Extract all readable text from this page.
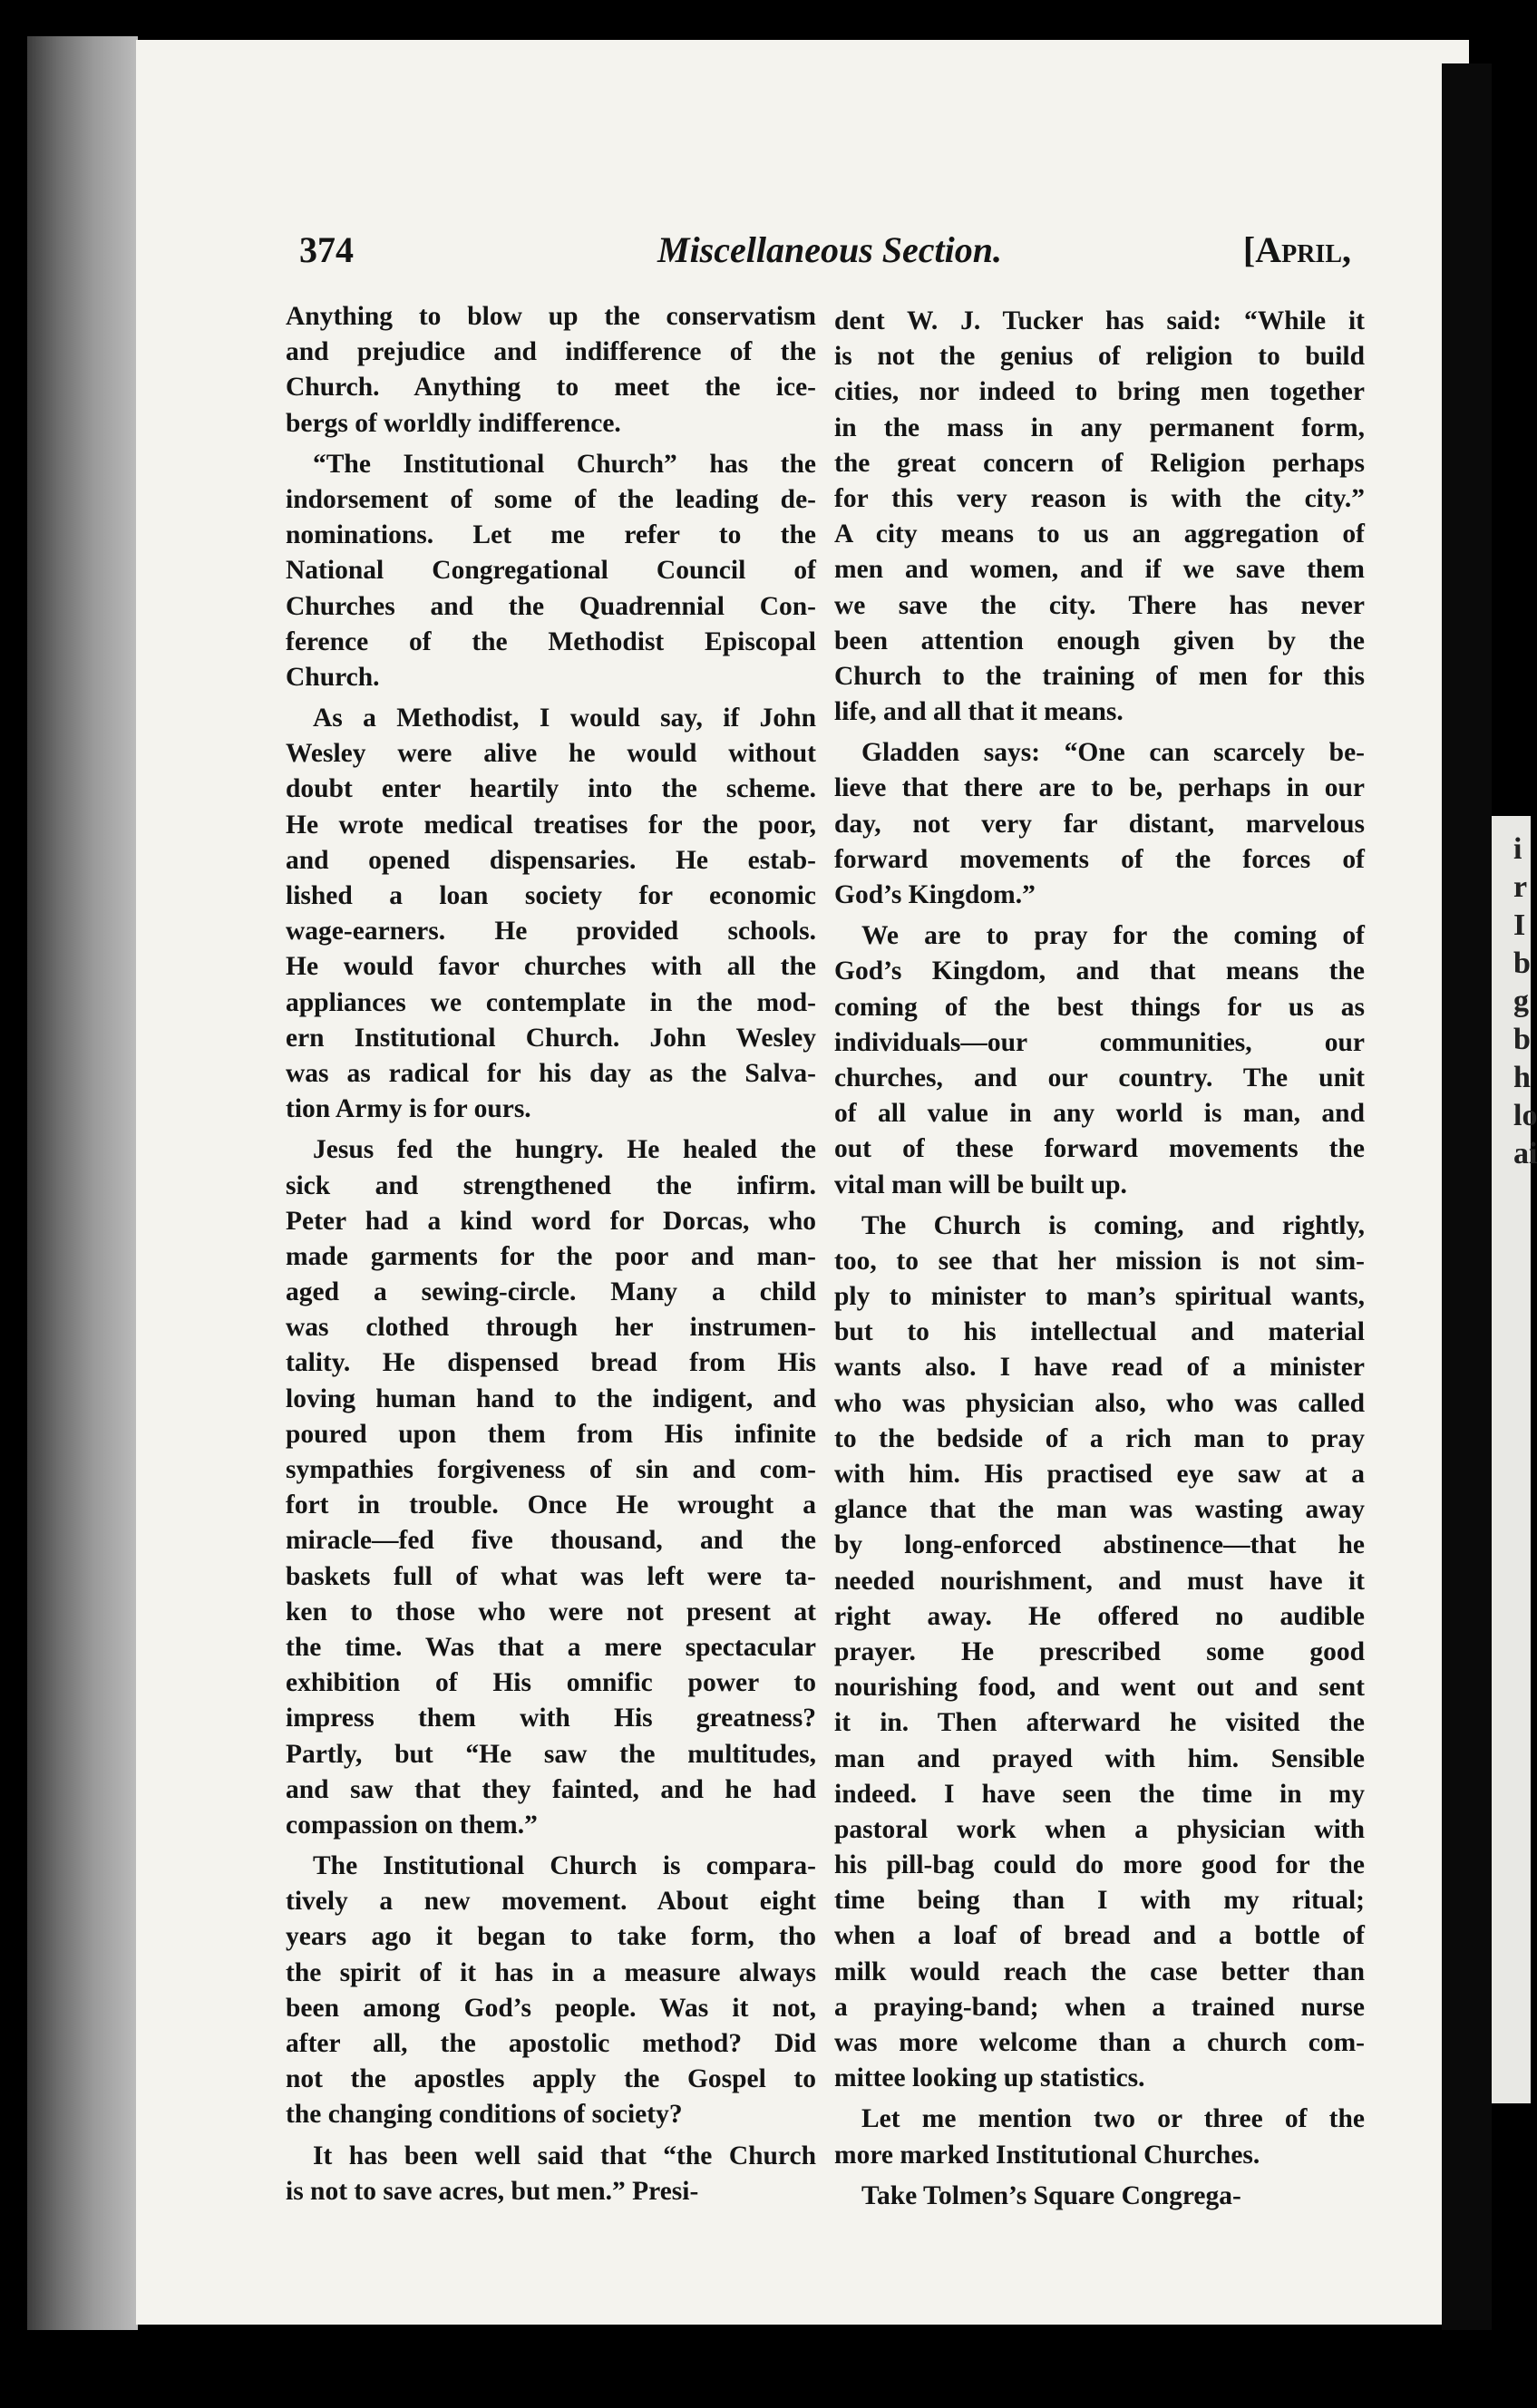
i
r
I
b
g
b
h
lo
ai
374	Miscellaneous Section.	[April,
Anything to blow up the conservatism
and prejudice and indifference of the
Church. Anything to meet the ice-
bergs of worldly indifference.
“The Institutional Church” has the
indorsement of some of the leading de-
nominations. Let me refer to the
National Congregational Council of
Churches and the Quadrennial Con-
ference of the Methodist Episcopal
Church.
As a Methodist, I would say, if John
Wesley were alive he would without
doubt enter heartily into the scheme.
He wrote medical treatises for the poor,
and opened dispensaries. He estab-
lished a loan society for economic
wage-earners. He provided schools.
He would favor churches with all the
appliances we contemplate in the mod-
ern Institutional Church. John Wesley
was as radical for his day as the Salva-
tion Army is for ours.
Jesus fed the hungry. He healed the
sick and strengthened the infirm.
Peter had a kind word for Dorcas, who
made garments for the poor and man-
aged a sewing-circle. Many a child
was clothed through her instrumen-
tality. He dispensed bread from His
loving human hand to the indigent, and
poured upon them from His infinite
sympathies forgiveness of sin and com-
fort in trouble. Once He wrought a
miracle—fed five thousand, and the
baskets full of what was left were ta-
ken to those who were not present at
the time. Was that a mere spectacular
exhibition of His omnific power to
impress them with His greatness?
Partly, but “He saw the multitudes,
and saw that they fainted, and he had
compassion on them.”
The Institutional Church is compara-
tively a new movement. About eight
years ago it began to take form, tho
the spirit of it has in a measure always
been among God’s people. Was it not,
after all, the apostolic method? Did
not the apostles apply the Gospel to
the changing conditions of society?
It has been well said that “the Church
is not to save acres, but men.” Presi-
dent W. J. Tucker has said: “While it
is not the genius of religion to build
cities, nor indeed to bring men together
in the mass in any permanent form,
the great concern of Religion perhaps
for this very reason is with the city.”
A city means to us an aggregation of
men and women, and if we save them
we save the city. There has never
been attention enough given by the
Church to the training of men for this
life, and all that it means.
Gladden says: “One can scarcely be-
lieve that there are to be, perhaps in our
day, not very far distant, marvelous
forward movements of the forces of
God’s Kingdom.”
We are to pray for the coming of
God’s Kingdom, and that means the
coming of the best things for us as
individuals—our communities, our
churches, and our country. The unit
of all value in any world is man, and
out of these forward movements the
vital man will be built up.
The Church is coming, and rightly,
too, to see that her mission is not sim-
ply to minister to man’s spiritual wants,
but to his intellectual and material
wants also. I have read of a minister
who was physician also, who was called
to the bedside of a rich man to pray
with him. His practised eye saw at a
glance that the man was wasting away
by long-enforced abstinence—that he
needed nourishment, and must have it
right away. He offered no audible
prayer. He prescribed some good
nourishing food, and went out and sent
it in. Then afterward he visited the
man and prayed with him. Sensible
indeed. I have seen the time in my
pastoral work when a physician with
his pill-bag could do more good for the
time being than I with my ritual;
when a loaf of bread and a bottle of
milk would reach the case better than
a praying-band; when a trained nurse
was more welcome than a church com-
mittee looking up statistics.
Let me mention two or three of the
more marked Institutional Churches.
Take Tolmen’s Square Congrega-
